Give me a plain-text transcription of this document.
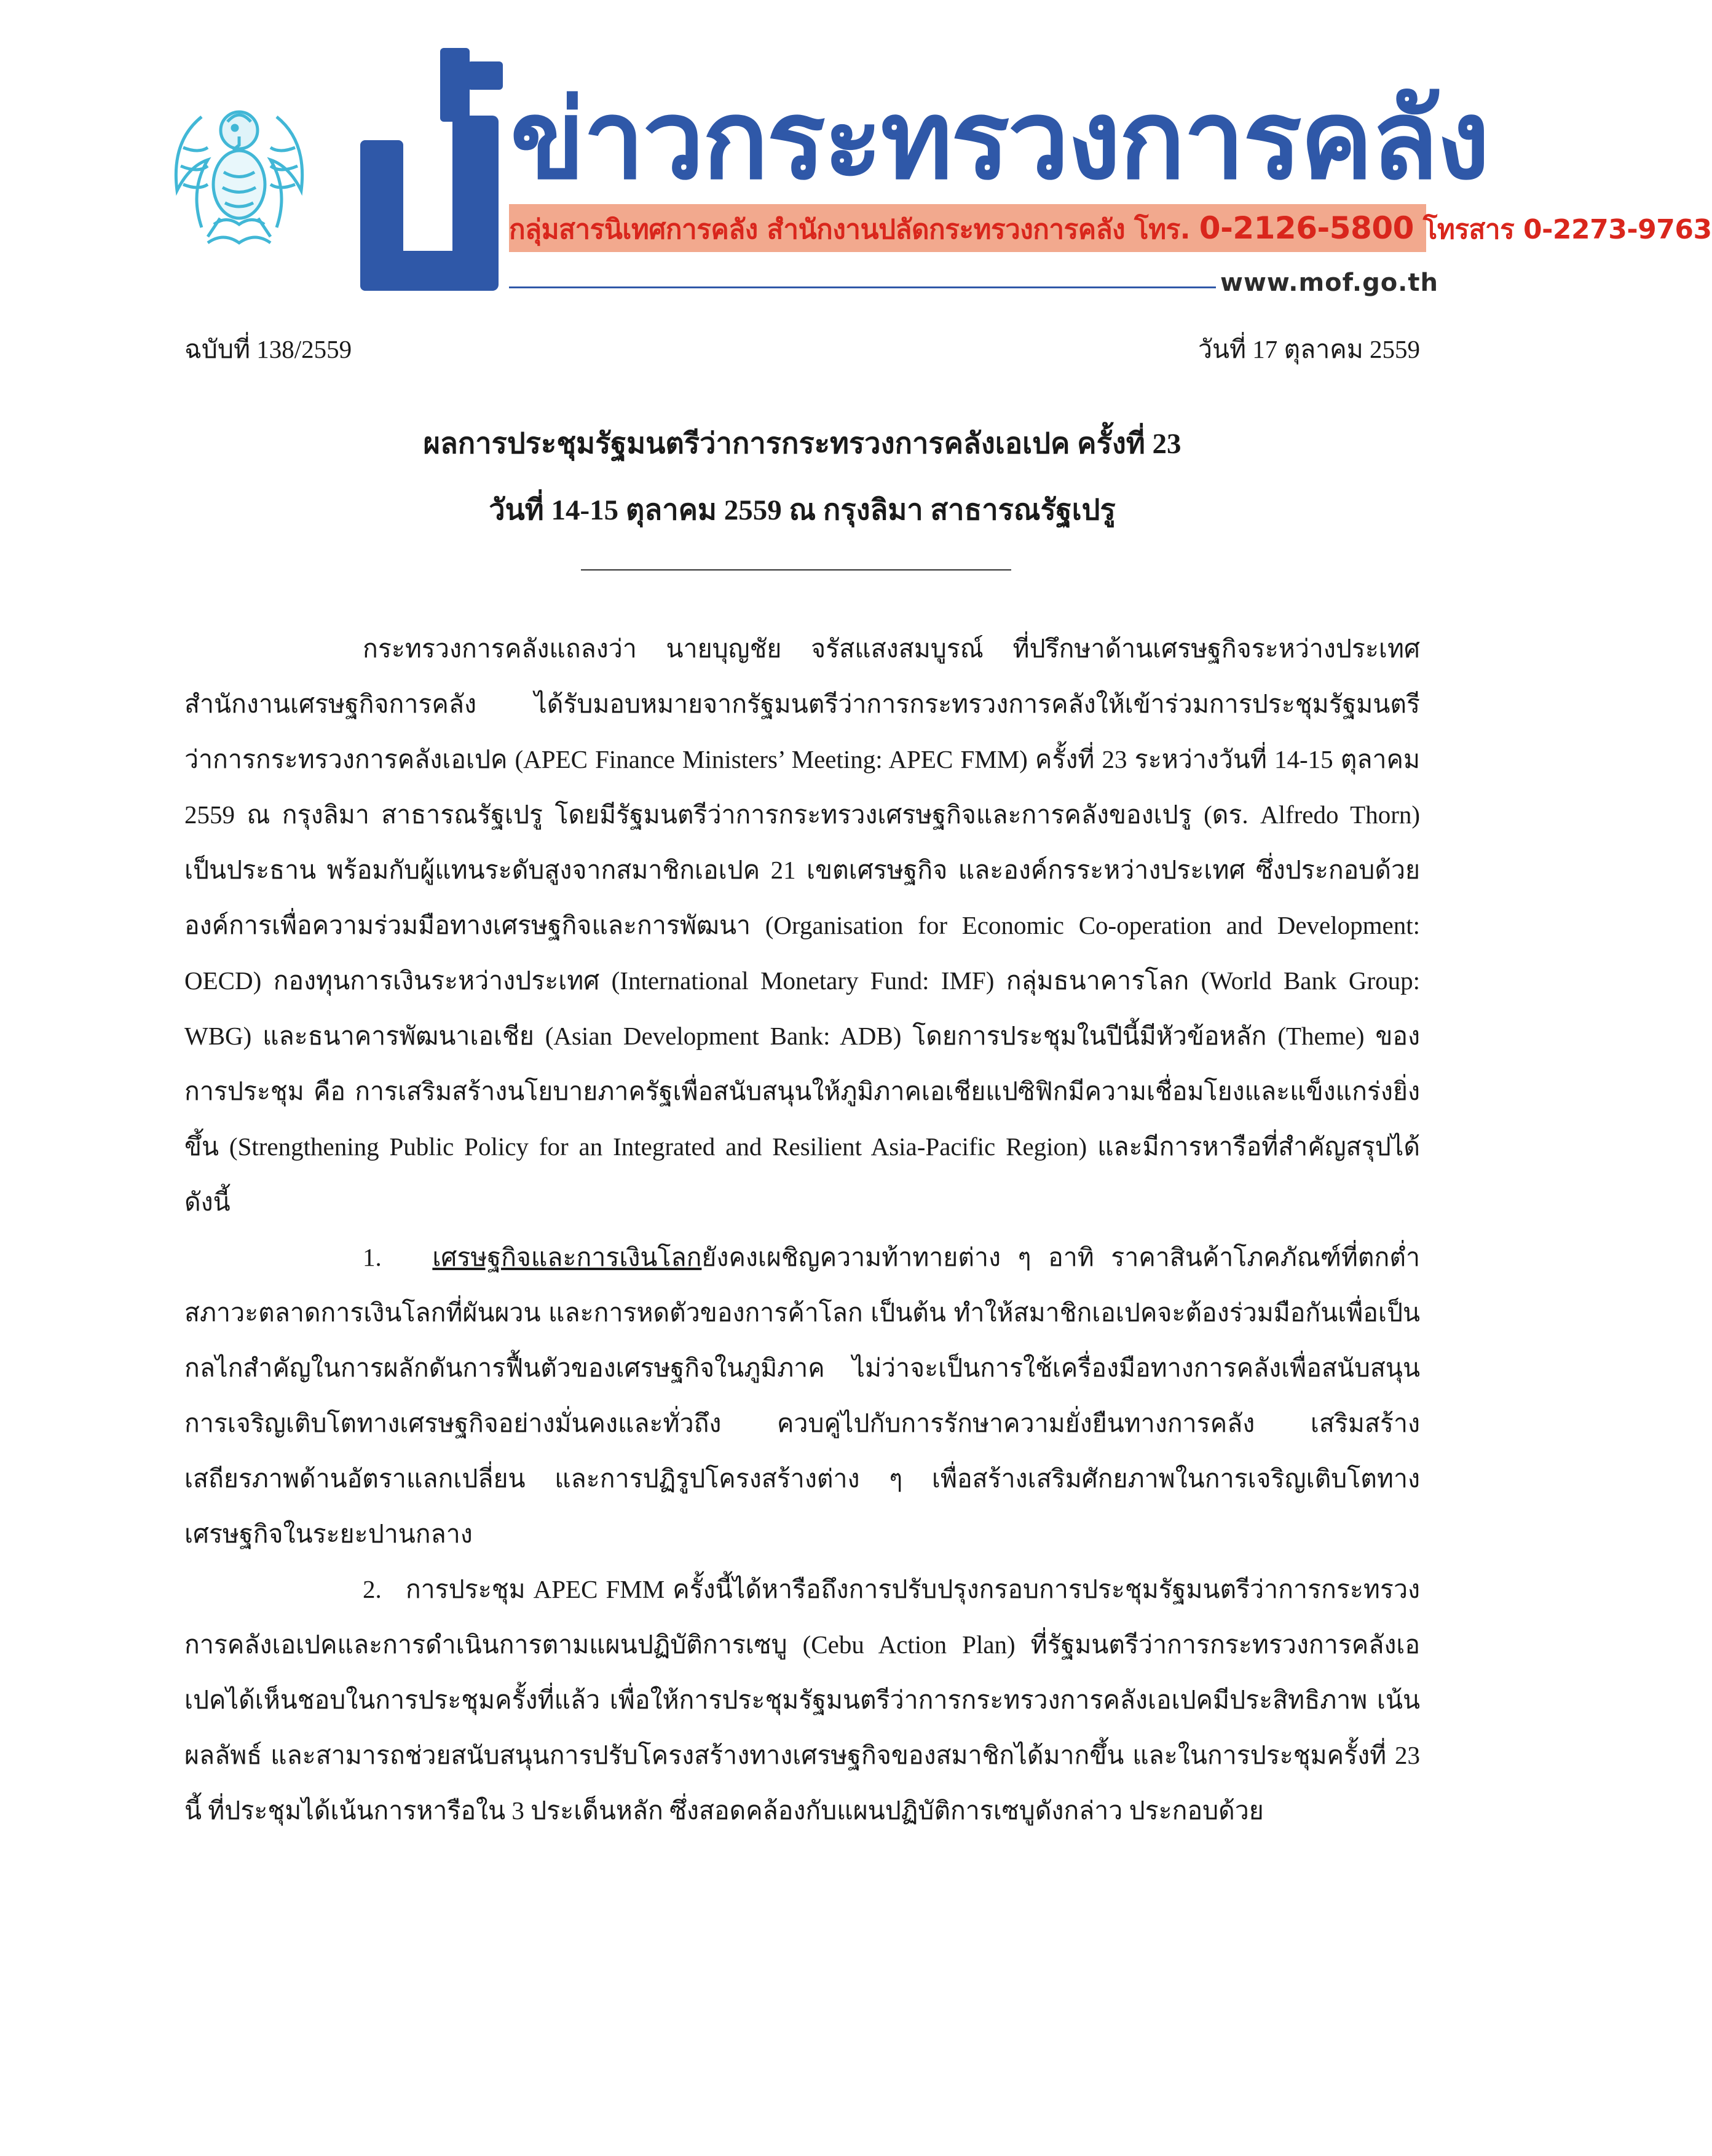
ข่าวกระทรวงการคลัง
กลุ่มสารนิเทศการคลัง สำนักงานปลัดกระทรวงการคลัง โทร. 0-2126-5800 โทรสาร 0-2273-9763
www.mof.go.th
ฉบับที่ 138/2559	วันที่ 17 ตุลาคม 2559
ผลการประชุมรัฐมนตรีว่าการกระทรวงการคลังเอเปค ครั้งที่ 23
วันที่ 14-15 ตุลาคม 2559 ณ กรุงลิมา สาธารณรัฐเปรู

กระทรวงการคลังแถลงว่า นายบุญชัย จรัสแสงสมบูรณ์ ที่ปรึกษาด้านเศรษฐกิจระหว่างประเทศ สำนักงานเศรษฐกิจการคลัง ได้รับมอบหมายจากรัฐมนตรีว่าการกระทรวงการคลังให้เข้าร่วมการประชุมรัฐมนตรีว่าการกระทรวงการคลังเอเปค (APEC Finance Ministers’ Meeting: APEC FMM) ครั้งที่ 23 ระหว่างวันที่ 14-15 ตุลาคม 2559 ณ กรุงลิมา สาธารณรัฐเปรู โดยมีรัฐมนตรีว่าการกระทรวงเศรษฐกิจและการคลังของเปรู (ดร. Alfredo Thorn) เป็นประธาน พร้อมกับผู้แทนระดับสูงจากสมาชิกเอเปค 21 เขตเศรษฐกิจ และองค์กรระหว่างประเทศ ซึ่งประกอบด้วย องค์การเพื่อความร่วมมือทางเศรษฐกิจและการพัฒนา (Organisation for Economic Co-operation and Development: OECD) กองทุนการเงินระหว่างประเทศ (International Monetary Fund: IMF) กลุ่มธนาคารโลก (World Bank Group: WBG) และธนาคารพัฒนาเอเชีย (Asian Development Bank: ADB) โดยการประชุมในปีนี้มีหัวข้อหลัก (Theme) ของการประชุม คือ การเสริมสร้างนโยบายภาครัฐเพื่อสนับสนุนให้ภูมิภาคเอเชียแปซิฟิกมีความเชื่อมโยงและแข็งแกร่งยิ่งขึ้น (Strengthening Public Policy for an Integrated and Resilient Asia-Pacific Region) และมีการหารือที่สำคัญสรุปได้ดังนี้

1. เศรษฐกิจและการเงินโลกยังคงเผชิญความท้าทายต่าง ๆ อาทิ ราคาสินค้าโภคภัณฑ์ที่ตกต่ำ สภาวะตลาดการเงินโลกที่ผันผวน และการหดตัวของการค้าโลก เป็นต้น ทำให้สมาชิกเอเปคจะต้องร่วมมือกันเพื่อเป็นกลไกสำคัญในการผลักดันการฟื้นตัวของเศรษฐกิจในภูมิภาค ไม่ว่าจะเป็นการใช้เครื่องมือทางการคลังเพื่อสนับสนุนการเจริญเติบโตทางเศรษฐกิจอย่างมั่นคงและทั่วถึง ควบคู่ไปกับการรักษาความยั่งยืนทางการคลัง เสริมสร้างเสถียรภาพด้านอัตราแลกเปลี่ยน และการปฏิรูปโครงสร้างต่าง ๆ เพื่อสร้างเสริมศักยภาพในการเจริญเติบโตทางเศรษฐกิจในระยะปานกลาง

2. การประชุม APEC FMM ครั้งนี้ได้หารือถึงการปรับปรุงกรอบการประชุมรัฐมนตรีว่าการกระทรวงการคลังเอเปคและการดำเนินการตามแผนปฏิบัติการเซบู (Cebu Action Plan) ที่รัฐมนตรีว่าการกระทรวงการคลังเอเปคได้เห็นชอบในการประชุมครั้งที่แล้ว เพื่อให้การประชุมรัฐมนตรีว่าการกระทรวงการคลังเอเปคมีประสิทธิภาพ เน้นผลลัพธ์ และสามารถช่วยสนับสนุนการปรับโครงสร้างทางเศรษฐกิจของสมาชิกได้มากขึ้น และในการประชุมครั้งที่ 23 นี้ ที่ประชุมได้เน้นการหารือใน 3 ประเด็นหลัก ซึ่งสอดคล้องกับแผนปฏิบัติการเซบูดังกล่าว ประกอบด้วย
